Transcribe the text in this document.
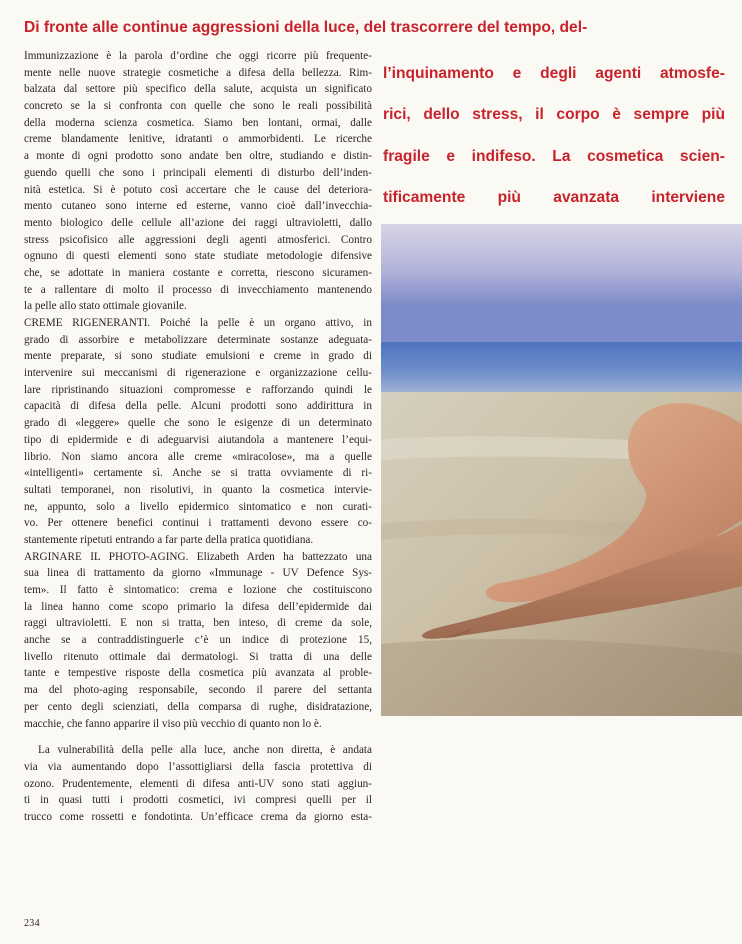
Di fronte alle continue aggressioni della luce, del trascorrere del tempo, del-
l’inquinamento e degli agenti atmosfe-
rici, dello stress, il corpo è sempre più
fragile e indifeso. La cosmetica scien-
tificamente più avanzata interviene
Immunizzazione è la parola d’ordine che oggi ricorre più frequente-
mente nelle nuove strategie cosmetiche a difesa della bellezza. Rim-
balzata dal settore più specifico della salute, acquista un significato
concreto se la si confronta con quelle che sono le reali possibilità
della moderna scienza cosmetica. Siamo ben lontani, ormai, dalle
creme blandamente lenitive, idratanti o ammorbidenti. Le ricerche
a monte di ogni prodotto sono andate ben oltre, studiando e distin-
guendo quelli che sono i principali elementi di disturbo dell’inden-
nità estetica. Si è potuto così accertare che le cause del deteriora-
mento cutaneo sono interne ed esterne, vanno cioè dall’invecchia-
mento biologico delle cellule all’azione dei raggi ultravioletti, dallo
stress psicofisico alle aggressioni degli agenti atmosferici. Contro
ognuno di questi elementi sono state studiate metodologie difensive
che, se adottate in maniera costante e corretta, riescono sicuramen-
te a rallentare di molto il processo di invecchiamento mantenendo
la pelle allo stato ottimale giovanile.
CREME RIGENERANTI. Poiché la pelle è un organo attivo, in
grado di assorbire e metabolizzare determinate sostanze adeguata-
mente preparate, si sono studiate emulsioni e creme in grado di
intervenire sui meccanismi di rigenerazione e organizzazione cellu-
lare ripristinando situazioni compromesse e rafforzando quindi le
capacità di difesa della pelle. Alcuni prodotti sono addirittura in
grado di «leggere» quelle che sono le esigenze di un determinato
tipo di epidermide e di adeguarvisi aiutandola a mantenere l’equi-
librio. Non siamo ancora alle creme «miracolose», ma a quelle
«intelligenti» certamente sì. Anche se si tratta ovviamente di ri-
sultati temporanei, non risolutivi, in quanto la cosmetica intervie-
ne, appunto, solo a livello epidermico sintomatico e non curati-
vo. Per ottenere benefici continui i trattamenti devono essere co-
stantemente ripetuti entrando a far parte della pratica quotidiana.
ARGINARE IL PHOTO-AGING. Elizabeth Arden ha battezzato una
sua linea di trattamento da giorno «Immunage - UV Defence Sys-
tem». Il fatto è sintomatico: crema e lozione che costituiscono
la linea hanno come scopo primario la difesa dell’epidermide dai
raggi ultravioletti. E non si tratta, ben inteso, di creme da sole,
anche se a contraddistinguerle c’è un indice di protezione 15,
livello ritenuto ottimale dai dermatologi. Si tratta di una delle
tante e tempestive risposte della cosmetica più avanzata al proble-
ma del photo-aging responsabile, secondo il parere del settanta
per cento degli scienziati, della comparsa di rughe, disidratazione,
macchie, che fanno apparire il viso più vecchio di quanto non lo è.
La vulnerabilità della pelle alla luce, anche non diretta, è andata
via via aumentando dopo l’assottigliarsi della fascia protettiva di
ozono. Prudentemente, elementi di difesa anti-UV sono stati aggiun-
ti in quasi tutti i prodotti cosmetici, ivi compresi quelli per il
trucco come rossetti e fondotinta. Un’efficace crema da giorno esta-
234
